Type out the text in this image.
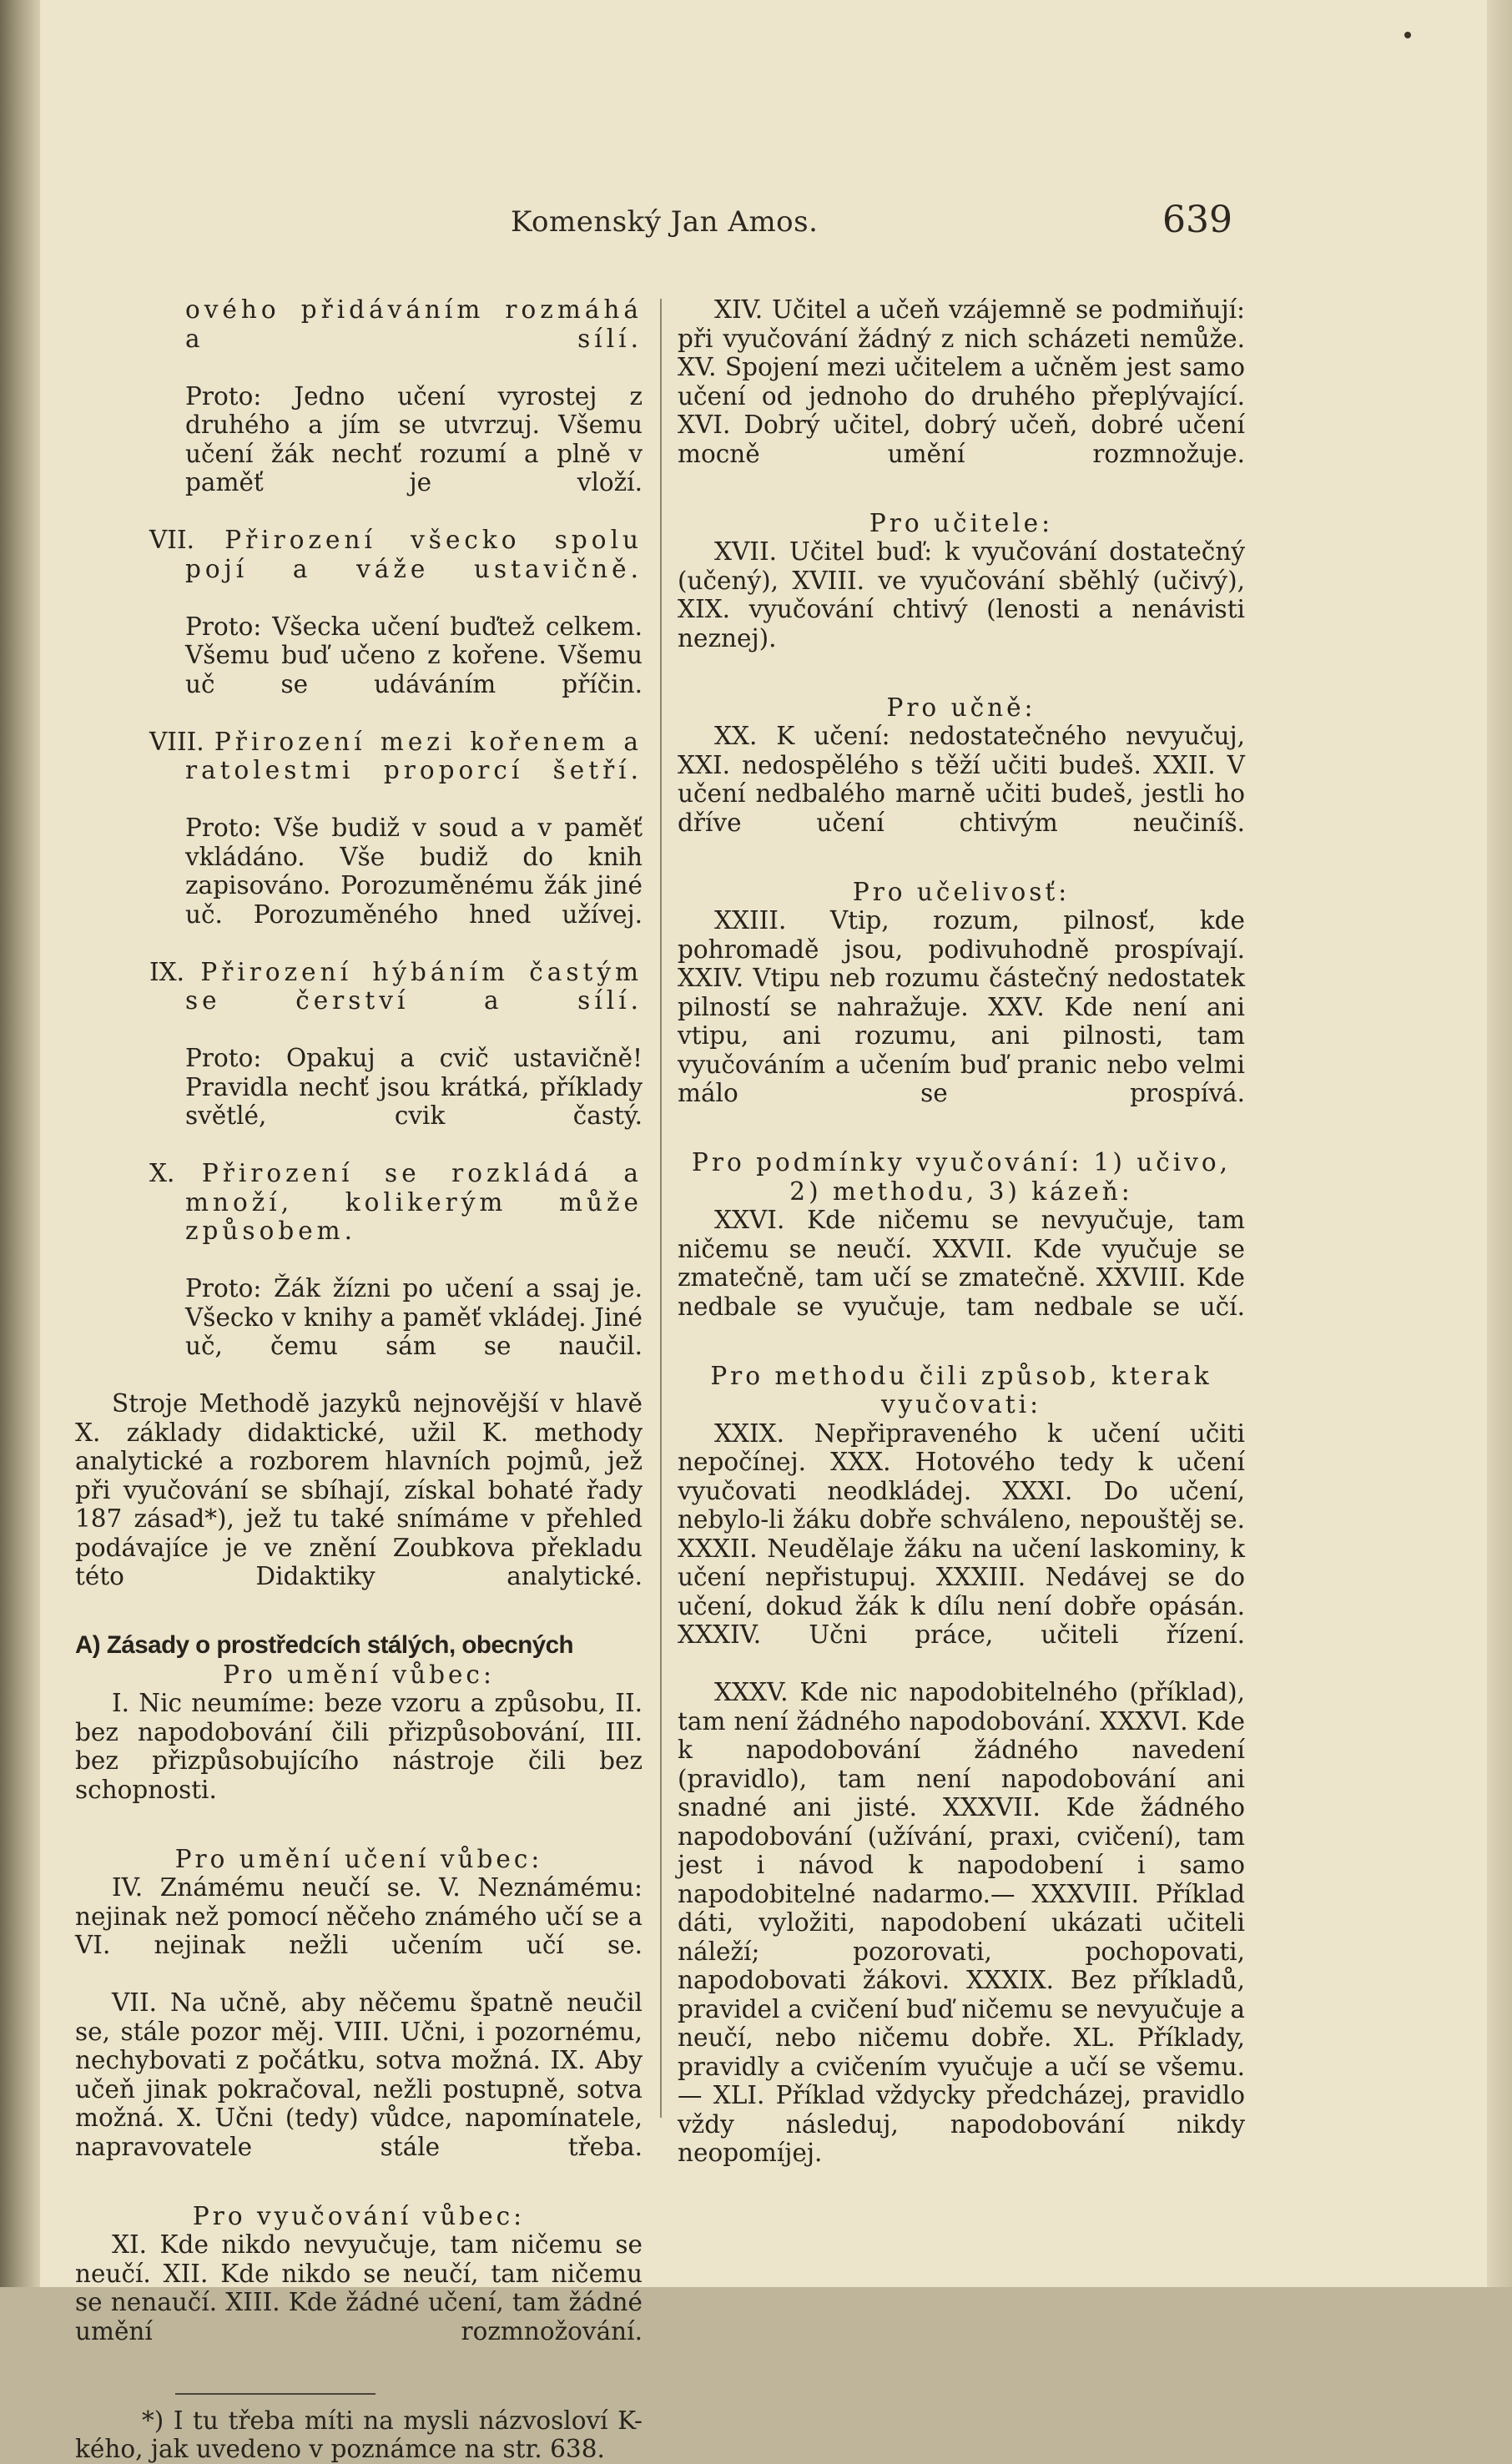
Komenský Jan Amos.	639

ového přidáváním rozmáhá a sílí.

Proto: Jedno učení vyrostej z druhého a jím se utvrzuj. Všemu učení žák nechť rozumí a plně v paměť je vloží.

VII. Přirození všecko spolu pojí a váže ustavičně.

Proto: Všecka učení buďtež celkem. Všemu buď učeno z kořene. Všemu uč se udáváním příčin.

VIII. Přirození mezi kořenem a ratolestmi proporcí šetří.

Proto: Vše budiž v soud a v paměť vkládáno. Vše budiž do knih zapisováno. Porozuměnému žák jiné uč. Porozuměného hned užívej.

IX. Přirození hýbáním častým se čerství a sílí.

Proto: Opakuj a cvič ustavičně! Pravidla nechť jsou krátká, příklady světlé, cvik častý.

X. Přirození se rozkládá a množí, kolikerým může způsobem.

Proto: Žák žízni po učení a ssaj je. Všecko v knihy a paměť vkládej. Jiné uč, čemu sám se naučil.

Stroje Methodě jazyků nejnovější v hlavě X. základy didaktické, užil K. methody analytické a rozborem hlavních pojmů, jež při vyučování se sbíhají, získal bohaté řady 187 zásad*), jež tu také snímáme v přehled podávajíce je ve znění Zoubkova překladu této Didaktiky analytické.

A) Zásady o prostředcích stálých, obecných

Pro umění vůbec:

I. Nic neumíme: beze vzoru a způsobu, II. bez napodobování čili přizpůsobování, III. bez přizpůsobujícího nástroje čili bez schopnosti.

Pro umění učení vůbec:

IV. Známému neučí se. V. Neznámému: nejinak než pomocí něčeho známého učí se a VI. nejinak nežli učením učí se.

VII. Na učně, aby něčemu špatně neučil se, stále pozor měj. VIII. Učni, i pozornému, nechybovati z počátku, sotva možná. IX. Aby učeň jinak pokračoval, nežli postupně, sotva možná. X. Učni (tedy) vůdce, napomínatele, napravovatele stále třeba.

Pro vyučování vůbec:

XI. Kde nikdo nevyučuje, tam ničemu se neučí. XII. Kde nikdo se neučí, tam ničemu se nenaučí. XIII. Kde žádné učení, tam žádné umění rozmnožování.

*) I tu třeba míti na mysli názvosloví K-kého, jak uvedeno v poznámce na str. 638.

XIV. Učitel a učeň vzájemně se podmiňují: při vyučování žádný z nich scházeti nemůže. XV. Spojení mezi učitelem a učněm jest samo učení od jednoho do druhého přeplývající. XVI. Dobrý učitel, dobrý učeň, dobré učení mocně umění rozmnožuje.

Pro učitele:

XVII. Učitel buď: k vyučování dostatečný (učený), XVIII. ve vyučování sběhlý (učivý), XIX. vyučování chtivý (lenosti a nenávisti neznej).

Pro učně:

XX. K učení: nedostatečného nevyučuj, XXI. nedospělého s těží učiti budeš. XXII. V učení nedbalého marně učiti budeš, jestli ho dříve učení chtivým neučiníš.

Pro učelivosť:

XXIII. Vtip, rozum, pilnosť, kde pohromadě jsou, podivuhodně prospívají. XXIV. Vtipu neb rozumu částečný nedostatek pilností se nahražuje. XXV. Kde není ani vtipu, ani rozumu, ani pilnosti, tam vyučováním a učením buď pranic nebo velmi málo se prospívá.

Pro podmínky vyučování: 1) učivo, 2) methodu, 3) kázeň:

XXVI. Kde ničemu se nevyučuje, tam ničemu se neučí. XXVII. Kde vyučuje se zmatečně, tam učí se zmatečně. XXVIII. Kde nedbale se vyučuje, tam nedbale se učí.

Pro methodu čili způsob, kterak vyučovati:

XXIX. Nepřipraveného k učení učiti nepočínej. XXX. Hotového tedy k učení vyučovati neodkládej. XXXI. Do učení, nebylo-li žáku dobře schváleno, nepouštěj se. XXXII. Neudělaje žáku na učení laskominy, k učení nepřistupuj. XXXIII. Nedávej se do učení, dokud žák k dílu není dobře opásán. XXXIV. Učni práce, učiteli řízení.

XXXV. Kde nic napodobitelného (příklad), tam není žádného napodobování. XXXVI. Kde k napodobování žádného navedení (pravidlo), tam není napodobování ani snadné ani jisté. XXXVII. Kde žádného napodobování (užívání, praxi, cvičení), tam jest i návod k napodobení i samo napodobitelné nadarmo.— XXXVIII. Příklad dáti, vyložiti, napodobení ukázati učiteli náleží; pozorovati, pochopovati, napodobovati žákovi. XXXIX. Bez příkladů, pravidel a cvičení buď ničemu se nevyučuje a neučí, nebo ničemu dobře. XL. Příklady, pravidly a cvičením vyučuje a učí se všemu. — XLI. Příklad vždycky předcházej, pravidlo vždy následuj, napodobování nikdy neopomíjej.
